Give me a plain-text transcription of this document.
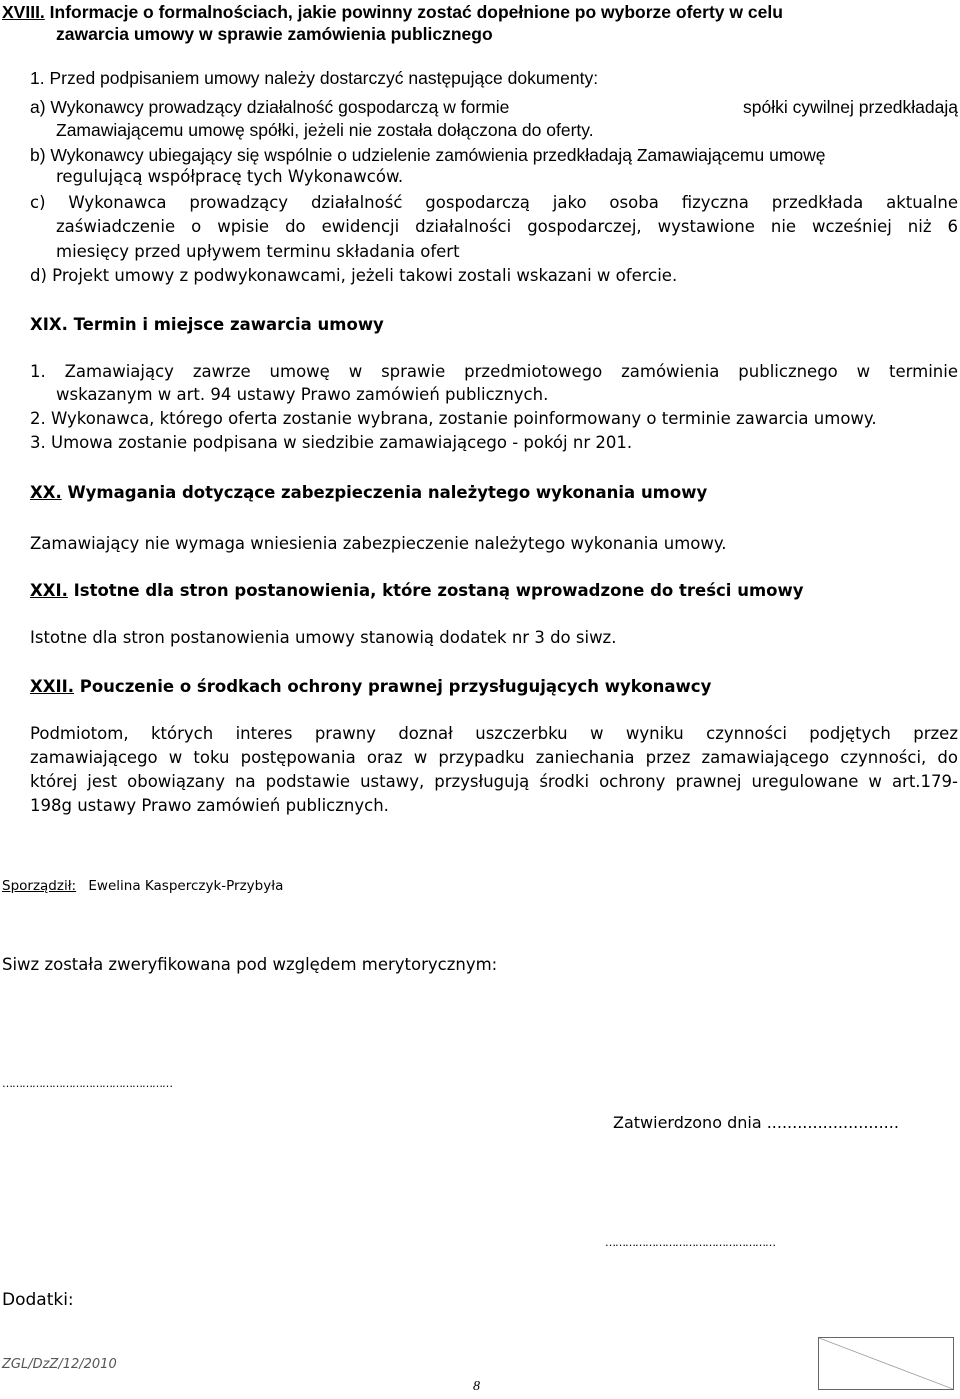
XVIII. Informacje o formalnościach, jakie powinny zostać dopełnione po wyborze oferty w celu
zawarcia umowy w sprawie zamówienia publicznego
1. Przed podpisaniem umowy należy dostarczyć następujące dokumenty:
a) Wykonawcy prowadzący działalność gospodarczą w formie	spółki cywilnej przedkładają
Zamawiającemu umowę spółki, jeżeli nie została dołączona do oferty.
b) Wykonawcy ubiegający się wspólnie o udzielenie zamówienia przedkładają Zamawiającemu umowę
regulującą współpracę tych Wykonawców.
c) Wykonawca prowadzący działalność gospodarczą jako osoba fizyczna przedkłada aktualne
zaświadczenie o wpisie do ewidencji działalności gospodarczej, wystawione nie wcześniej niż 6
miesięcy przed upływem terminu składania ofert
d) Projekt umowy z podwykonawcami, jeżeli takowi zostali wskazani w ofercie.
XIX. Termin i miejsce zawarcia umowy
1. Zamawiający zawrze umowę w sprawie przedmiotowego zamówienia publicznego w terminie
wskazanym w art. 94 ustawy Prawo zamówień publicznych.
2. Wykonawca, którego oferta zostanie wybrana, zostanie poinformowany o terminie zawarcia umowy.
3. Umowa zostanie podpisana w siedzibie zamawiającego - pokój nr 201.
XX. Wymagania dotyczące zabezpieczenia należytego wykonania umowy
Zamawiający nie wymaga wniesienia zabezpieczenie należytego wykonania umowy.
XXI. Istotne dla stron postanowienia, które zostaną wprowadzone do treści umowy
Istotne dla stron postanowienia umowy stanowią dodatek nr 3 do siwz.
XXII. Pouczenie o środkach ochrony prawnej przysługujących wykonawcy
Podmiotom, których interes prawny doznał uszczerbku w wyniku czynności podjętych przez
zamawiającego w toku postępowania oraz w przypadku zaniechania przez zamawiającego czynności, do
której jest obowiązany na podstawie ustawy, przysługują środki ochrony prawnej uregulowane w art.179-
198g ustawy Prawo zamówień publicznych.
Sporządził: Ewelina Kasperczyk-Przybyła
Siwz została zweryfikowana pod względem merytorycznym:
……………………………………………
Zatwierdzono dnia ..........................
……………………………………………
Dodatki:
ZGL/DzZ/12/2010
8
